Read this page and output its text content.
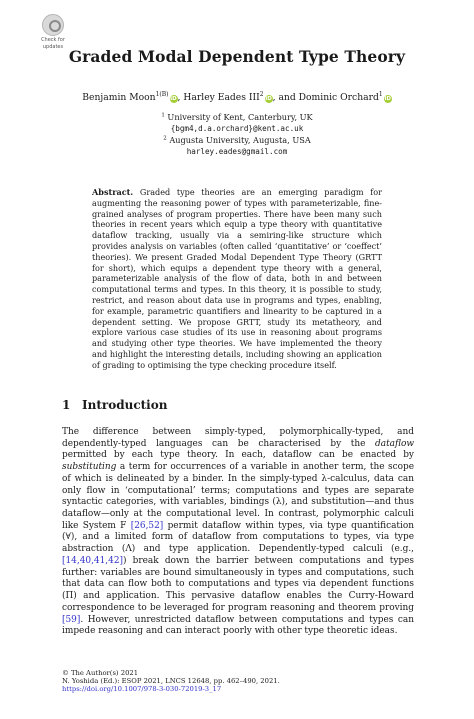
Check for
updates Graded Modal Dependent Type Theory
Benjamin Moon$^{1(B)}$iD, Harley Eades III$^2$iD, and Dominic Orchard$^1$iD
$^1$ University of Kent, Canterbury, UK
{bgm4,d.a.orchard}@kent.ac.uk
$^2$ Augusta University, Augusta, USA
harley.eades@gmail.com
Abstract. Graded type theories are an emerging paradigm for augmenting the reasoning power of types with parameterizable, fine-grained analyses of program properties. There have been many such theories in recent years which equip a type theory with quantitative dataflow tracking, usually via a semiring-like structure which provides analysis on variables (often called ‘quantitative’ or ‘coeffect’ theories). We present Graded Modal Dependent Type Theory (GRTT for short), which equips a dependent type theory with a general, parameterizable analysis of the flow of data, both in and between computational terms and types. In this theory, it is possible to study, restrict, and reason about data use in programs and types, enabling, for example, parametric quantifiers and linearity to be captured in a dependent setting. We propose GRTT, study its metatheory, and explore various case studies of its use in reasoning about programs and studying other type theories. We have implemented the theory and highlight the interesting details, including showing an application of grading to optimising the type checking procedure itself.
1 Introduction

The difference between simply-typed, polymorphically-typed, and dependently-typed languages can be characterised by the dataflow permitted by each type theory. In each, dataflow can be enacted by substituting a term for occurrences of a variable in another term, the scope of which is delineated by a binder. In the simply-typed λ-calculus, data can only flow in ‘computational’ terms; computations and types are separate syntactic categories, with variables, bindings (λ), and substitution—and thus dataflow—only at the computational level. In contrast, polymorphic calculi like System F [26,52] permit dataflow within types, via type quantification (∀), and a limited form of dataflow from computations to types, via type abstraction (Λ) and type application. Dependently-typed calculi (e.g., [14,40,41,42]) break down the barrier between computations and types further: variables are bound simultaneously in types and computations, such that data can flow both to computations and types via dependent functions (Π) and application. This pervasive dataflow enables the Curry-Howard correspondence to be leveraged for program reasoning and theorem proving [59]. However, unrestricted dataflow between computations and types can impede reasoning and can interact poorly with other type theoretic ideas.

© The Author(s) 2021
N. Yoshida (Ed.): ESOP 2021, LNCS 12648, pp. 462–490, 2021.
https://doi.org/10.1007/978-3-030-72019-3_17
